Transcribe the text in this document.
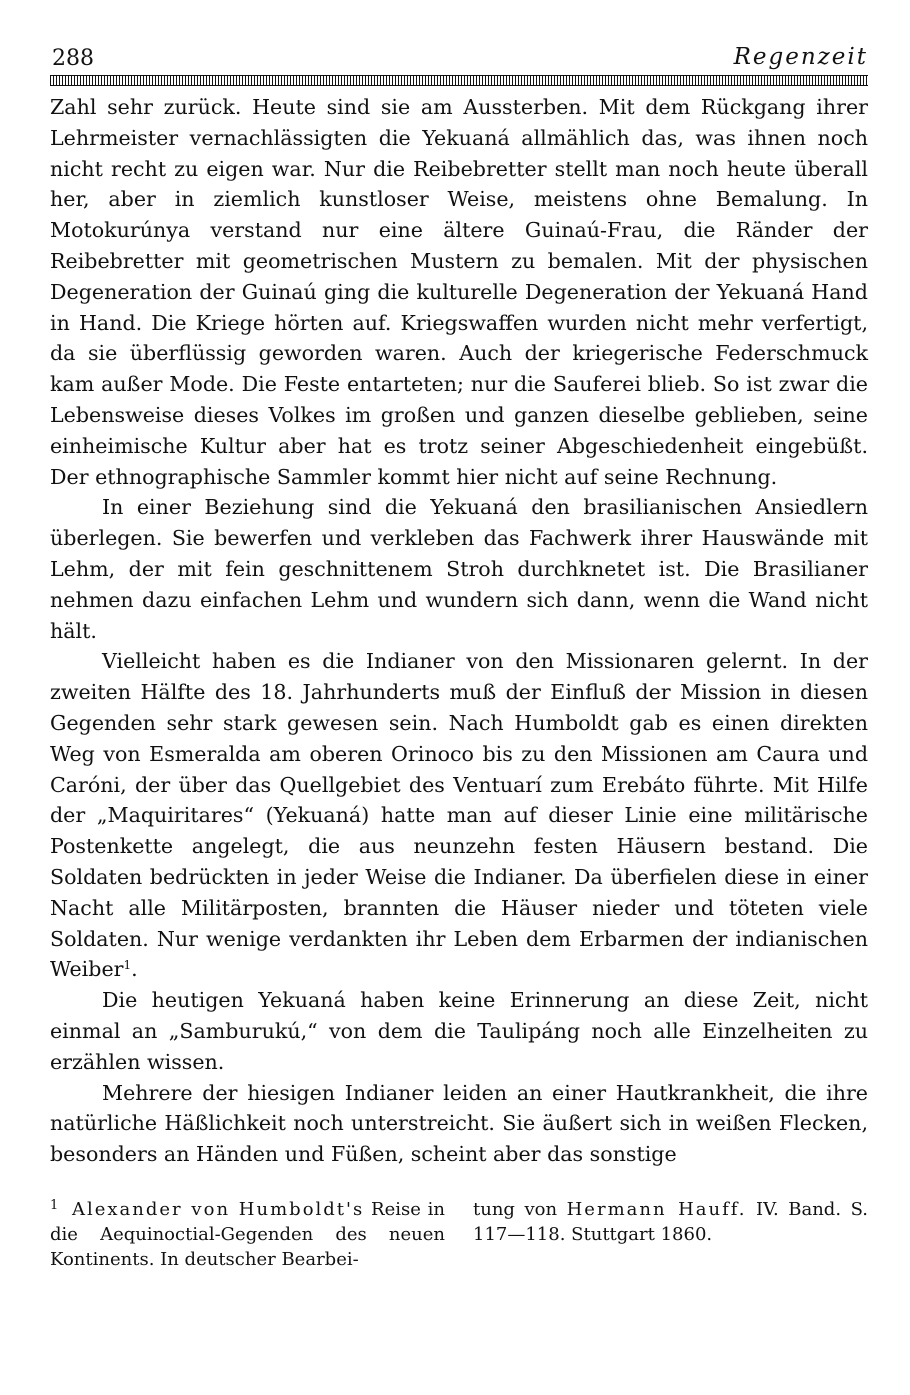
288	Regenzeit

Zahl sehr zurück. Heute sind sie am Aussterben. Mit dem Rückgang ihrer Lehrmeister vernachlässigten die Yekuaná allmählich das, was ihnen noch nicht recht zu eigen war. Nur die Reibebretter stellt man noch heute überall her, aber in ziemlich kunstloser Weise, meistens ohne Bemalung. In Motokurúnya verstand nur eine ältere Guinaú-Frau, die Ränder der Reibebretter mit geometrischen Mustern zu bemalen. Mit der physischen Degeneration der Guinaú ging die kulturelle Degeneration der Yekuaná Hand in Hand. Die Kriege hörten auf. Kriegswaffen wurden nicht mehr verfertigt, da sie überflüssig geworden waren. Auch der kriegerische Federschmuck kam außer Mode. Die Feste entarteten; nur die Sauferei blieb. So ist zwar die Lebensweise dieses Volkes im großen und ganzen dieselbe geblieben, seine einheimische Kultur aber hat es trotz seiner Abgeschiedenheit eingebüßt. Der ethnographische Sammler kommt hier nicht auf seine Rechnung.

In einer Beziehung sind die Yekuaná den brasilianischen Ansiedlern überlegen. Sie bewerfen und verkleben das Fachwerk ihrer Hauswände mit Lehm, der mit fein geschnittenem Stroh durchknetet ist. Die Brasilianer nehmen dazu einfachen Lehm und wundern sich dann, wenn die Wand nicht hält.

Vielleicht haben es die Indianer von den Missionaren gelernt. In der zweiten Hälfte des 18. Jahrhunderts muß der Einfluß der Mission in diesen Gegenden sehr stark gewesen sein. Nach Humboldt gab es einen direkten Weg von Esmeralda am oberen Orinoco bis zu den Missionen am Caura und Caróni, der über das Quellgebiet des Ventuarí zum Erebáto führte. Mit Hilfe der „Maquiritares“ (Yekuaná) hatte man auf dieser Linie eine militärische Postenkette angelegt, die aus neunzehn festen Häusern bestand. Die Soldaten bedrückten in jeder Weise die Indianer. Da überfielen diese in einer Nacht alle Militärposten, brannten die Häuser nieder und töteten viele Soldaten. Nur wenige verdankten ihr Leben dem Erbarmen der indianischen Weiber$^1$.

Die heutigen Yekuaná haben keine Erinnerung an diese Zeit, nicht einmal an „Samburukú,“ von dem die Taulipáng noch alle Einzelheiten zu erzählen wissen.

Mehrere der hiesigen Indianer leiden an einer Hautkrankheit, die ihre natürliche Häßlichkeit noch unterstreicht. Sie äußert sich in weißen Flecken, besonders an Händen und Füßen, scheint aber das sonstige

1 Alexander von Humboldt's Reise in die Aequinoctial-Gegenden des neuen Kontinents. In deutscher Bearbei-
tung von Hermann Hauff. IV. Band. S. 117—118. Stuttgart 1860.
